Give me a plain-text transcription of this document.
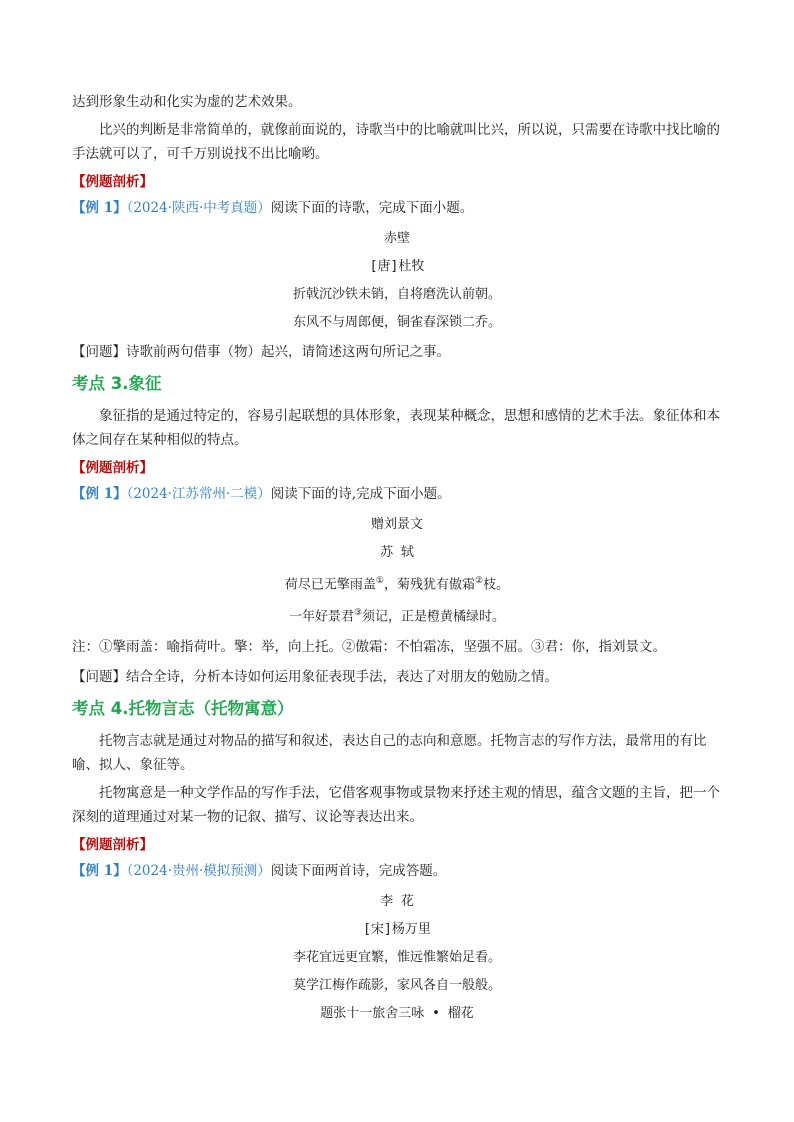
达到形象生动和化实为虚的艺术效果。

比兴的判断是非常简单的，就像前面说的，诗歌当中的比喻就叫比兴，所以说，只需要在诗歌中找比喻的手法就可以了，可千万别说找不出比喻哟。

【例题剖析】

【例 1】（2024·陕西·中考真题）阅读下面的诗歌，完成下面小题。

赤壁
[唐]杜牧
折戟沉沙铁未销，自将磨洗认前朝。
东风不与周郎便，铜雀春深锁二乔。

【问题】诗歌前两句借事（物）起兴，请简述这两句所记之事。

考点 3.象征

象征指的是通过特定的，容易引起联想的具体形象，表现某种概念，思想和感情的艺术手法。象征体和本体之间存在某种相似的特点。

【例题剖析】

【例 1】（2024·江苏常州·二模）阅读下面的诗,完成下面小题。

赠刘景文
苏 轼
荷尽已无擎雨盖①，菊残犹有傲霜②枝。
一年好景君③须记，正是橙黄橘绿时。

注：①擎雨盖：喻指荷叶。擎：举，向上托。②傲霜：不怕霜冻，坚强不屈。③君：你，指刘景文。

【问题】结合全诗，分析本诗如何运用象征表现手法，表达了对朋友的勉励之情。

考点 4.托物言志（托物寓意）

托物言志就是通过对物品的描写和叙述，表达自己的志向和意愿。托物言志的写作方法，最常用的有比喻、拟人、象征等。

托物寓意是一种文学作品的写作手法，它借客观事物或景物来抒述主观的情思，蕴含文题的主旨，把一个深刻的道理通过对某一物的记叙、描写、议论等表达出来。

【例题剖析】

【例 1】（2024·贵州·模拟预测）阅读下面两首诗，完成答题。

李 花
[宋]杨万里
李花宜远更宜繁，惟远惟繁始足看。
莫学江梅作疏影，家风各自一般般。
题张十一旅舍三咏 • 榴花
